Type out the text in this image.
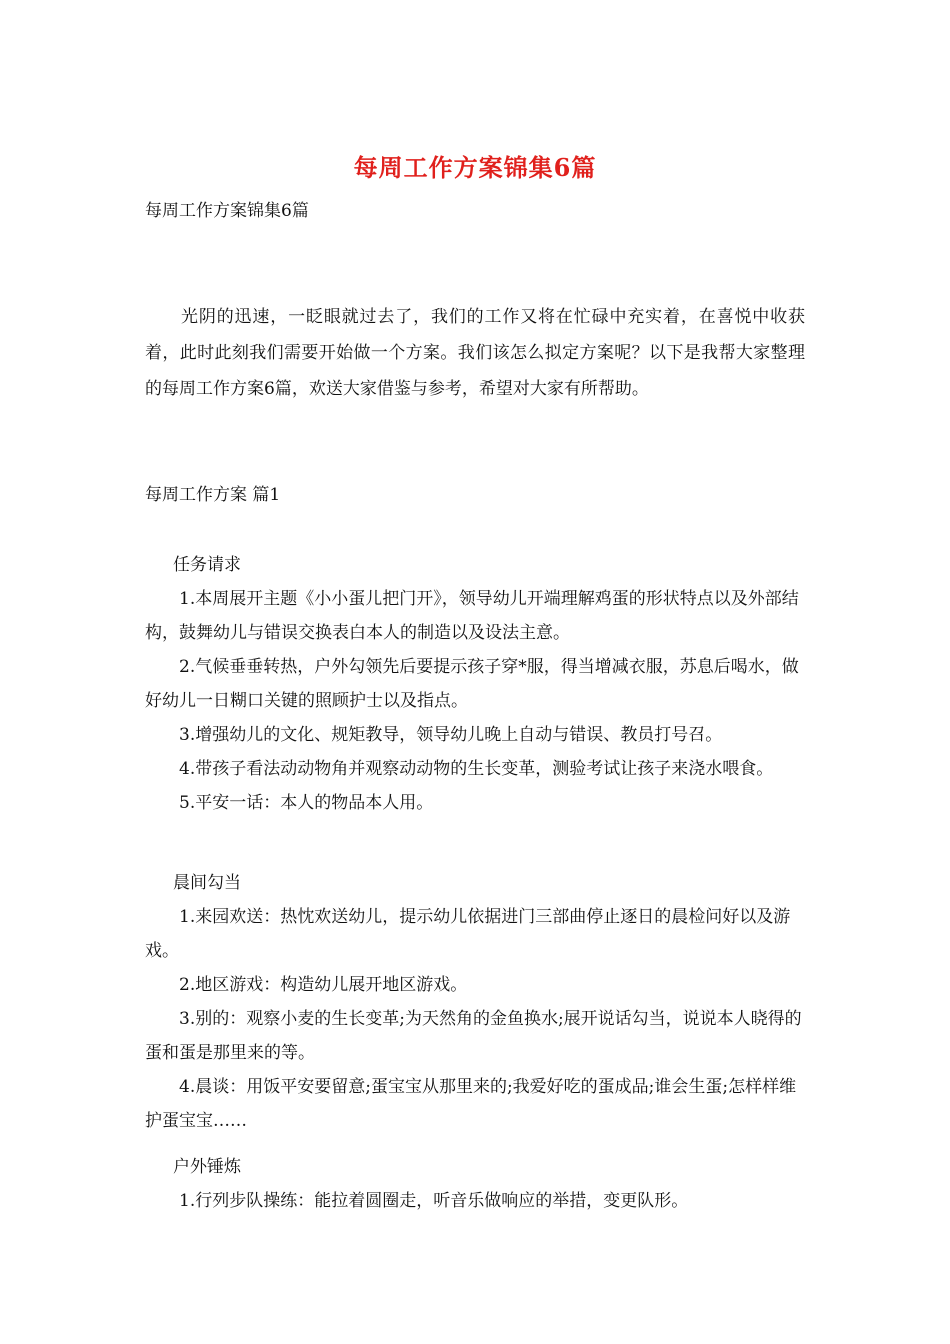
每周工作方案锦集6篇
每周工作方案锦集6篇
光阴的迅速，一眨眼就过去了，我们的工作又将在忙碌中充实着，在喜悦中收获着，此时此刻我们需要开始做一个方案。我们该怎么拟定方案呢？以下是我帮大家整理的每周工作方案6篇，欢送大家借鉴与参考，希望对大家有所帮助。
每周工作方案 篇1
任务请求
1.本周展开主题《小小蛋儿把门开》，领导幼儿开端理解鸡蛋的形状特点以及外部结构，鼓舞幼儿与错误交换表白本人的制造以及设法主意。
2.气候垂垂转热，户外勾领先后要提示孩子穿*服，得当增减衣服，苏息后喝水，做好幼儿一日糊口关键的照顾护士以及指点。
3.增强幼儿的文化、规矩教导，领导幼儿晚上自动与错误、教员打号召。
4.带孩子看法动动物角并观察动动物的生长变革，测验考试让孩子来浇水喂食。
5.平安一话：本人的物品本人用。
晨间勾当
1.来园欢送：热忱欢送幼儿，提示幼儿依据进门三部曲停止逐日的晨检问好以及游戏。
2.地区游戏：构造幼儿展开地区游戏。
3.别的：观察小麦的生长变革;为天然角的金鱼换水;展开说话勾当，说说本人晓得的蛋和蛋是那里来的等。
4.晨谈：用饭平安要留意;蛋宝宝从那里来的;我爱好吃的蛋成品;谁会生蛋;怎样样维护蛋宝宝……
户外锤炼
1.行列步队操练：能拉着圆圈走，听音乐做响应的举措，变更队形。
